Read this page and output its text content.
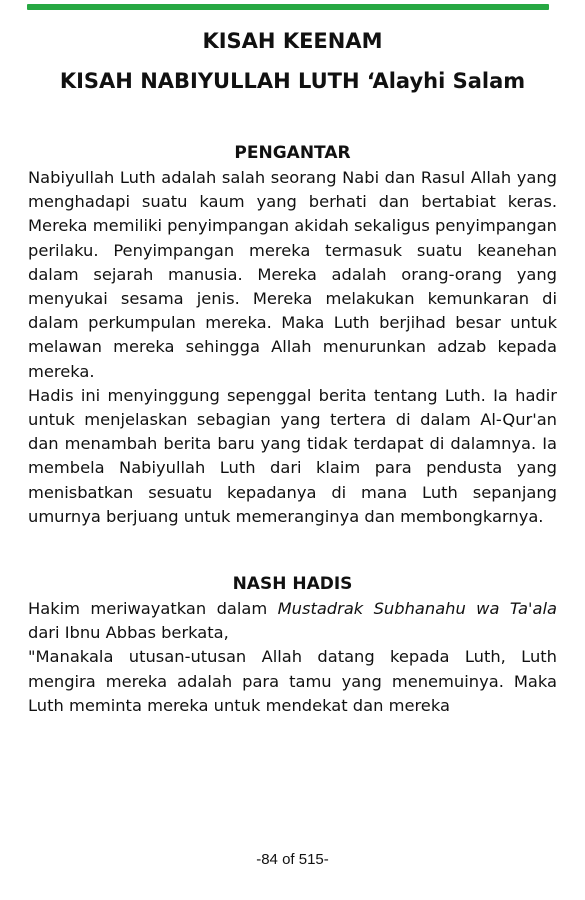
KISAH KEENAM
KISAH NABIYULLAH LUTH ‘Alayhi Salam
PENGANTAR

Nabiyullah Luth adalah salah seorang Nabi dan Rasul Allah yang menghadapi suatu kaum yang berhati dan bertabiat keras. Mereka memiliki penyimpangan akidah sekaligus penyimpangan perilaku. Penyimpangan mereka termasuk suatu keanehan dalam sejarah manusia. Mereka adalah orang-orang yang menyukai sesama jenis. Mereka melakukan kemunkaran di dalam perkumpulan mereka. Maka Luth berjihad besar untuk melawan mereka sehingga Allah menurunkan adzab kepada mereka.

Hadis ini menyinggung sepenggal berita tentang Luth. Ia hadir untuk menjelaskan sebagian yang tertera di dalam Al-Qur'an dan menambah berita baru yang tidak terdapat di dalamnya. Ia membela Nabiyullah Luth dari klaim para pendusta yang menisbatkan sesuatu kepadanya di mana Luth sepanjang umurnya berjuang untuk memeranginya dan membongkarnya.

NASH HADIS

Hakim meriwayatkan dalam Mustadrak Subhanahu wa Ta'ala dari Ibnu Abbas berkata,

"Manakala utusan-utusan Allah datang kepada Luth, Luth mengira mereka adalah para tamu yang menemuinya. Maka Luth meminta mereka untuk mendekat dan mereka

-84 of 515-
